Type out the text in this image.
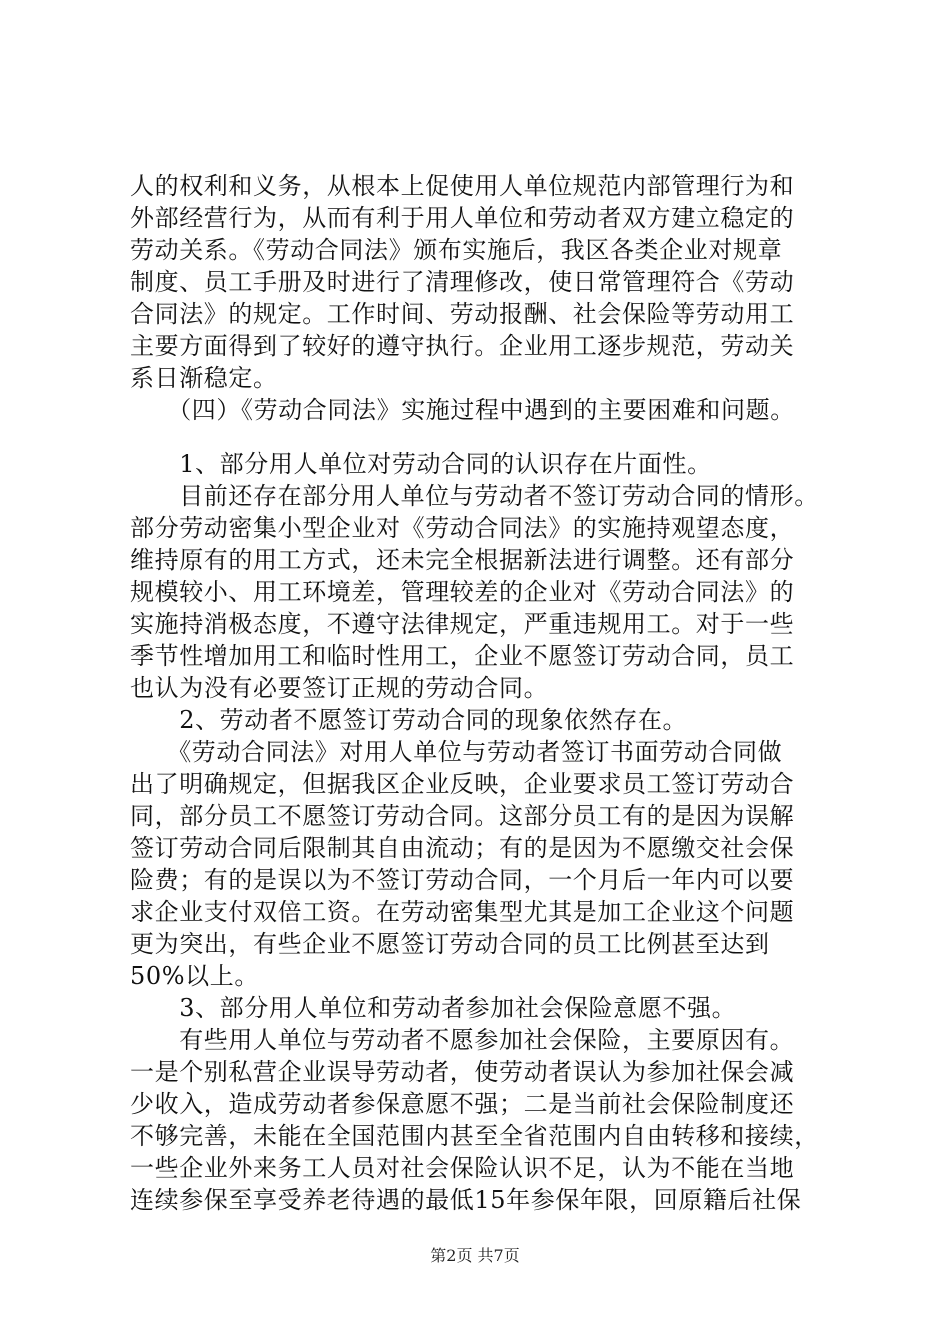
人的权利和义务，从根本上促使用人单位规范内部管理行为和
外部经营行为，从而有利于用人单位和劳动者双方建立稳定的
劳动关系。《劳动合同法》颁布实施后，我区各类企业对规章
制度、员工手册及时进行了清理修改，使日常管理符合《劳动
合同法》的规定。工作时间、劳动报酬、社会保险等劳动用工
主要方面得到了较好的遵守执行。企业用工逐步规范，劳动关
系日渐稳定。
　　（四）《劳动合同法》实施过程中遇到的主要困难和问题。
　　1、部分用人单位对劳动合同的认识存在片面性。
　　目前还存在部分用人单位与劳动者不签订劳动合同的情形。
部分劳动密集小型企业对《劳动合同法》的实施持观望态度，
维持原有的用工方式，还未完全根据新法进行调整。还有部分
规模较小、用工环境差，管理较差的企业对《劳动合同法》的
实施持消极态度，不遵守法律规定，严重违规用工。对于一些
季节性增加用工和临时性用工，企业不愿签订劳动合同，员工
也认为没有必要签订正规的劳动合同。
　　2、劳动者不愿签订劳动合同的现象依然存在。
　　《劳动合同法》对用人单位与劳动者签订书面劳动合同做
出了明确规定，但据我区企业反映，企业要求员工签订劳动合
同，部分员工不愿签订劳动合同。这部分员工有的是因为误解
签订劳动合同后限制其自由流动；有的是因为不愿缴交社会保
险费；有的是误以为不签订劳动合同，一个月后一年内可以要
求企业支付双倍工资。在劳动密集型尤其是加工企业这个问题
更为突出，有些企业不愿签订劳动合同的员工比例甚至达到
50%以上。
　　3、部分用人单位和劳动者参加社会保险意愿不强。
　　有些用人单位与劳动者不愿参加社会保险，主要原因有。
一是个别私营企业误导劳动者，使劳动者误认为参加社保会减
少收入，造成劳动者参保意愿不强；二是当前社会保险制度还
不够完善，未能在全国范围内甚至全省范围内自由转移和接续，
一些企业外来务工人员对社会保险认识不足，认为不能在当地
连续参保至享受养老待遇的最低15年参保年限，回原籍后社保
第2页 共7页
